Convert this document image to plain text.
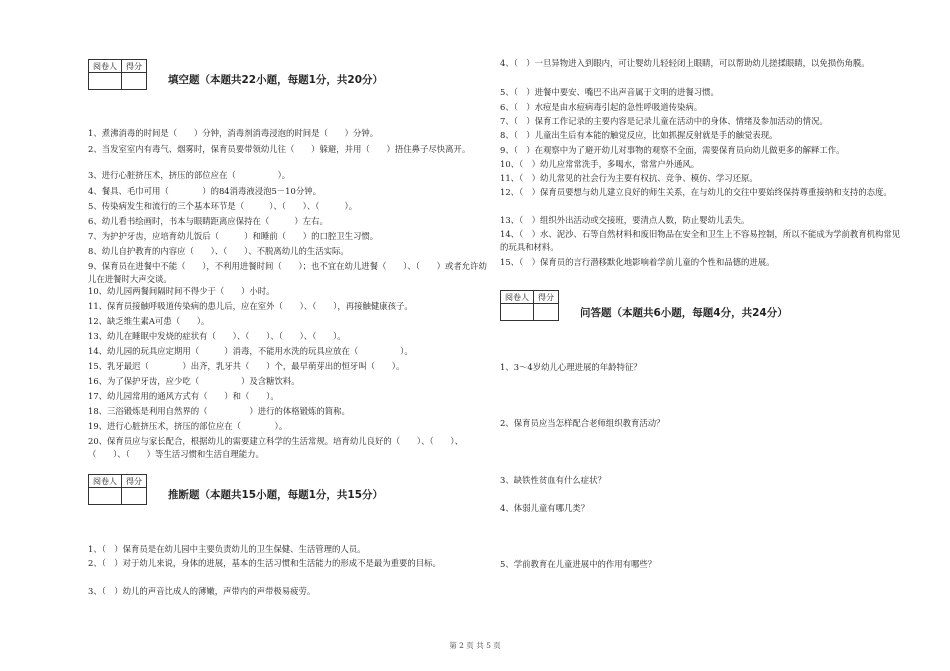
阅卷人	得分

填空题（本题共22小题，每题1分，共20分）
1、煮沸消毒的时间是（　　）分钟，消毒剂消毒浸泡的时间是（　　）分钟。
2、当发室室内有毒气、烟雾时，保育员要带领幼儿往（　　）躲避，并用（　　）捂住鼻子尽快离开。
3、进行心脏挤压术，挤压的部位应在（　　　　　）。
4、餐具、毛巾可用（　　　　）的84消毒液浸泡5－10分钟。
5、传染病发生和流行的三个基本环节是（　　　）、（　　）、（　　　）。
6、幼儿看书绘画时，书本与眼睛距离应保持在（　　　）左右。
7、为护护牙齿，应培育幼儿饭后（　　　）和睡前（　　）的口腔卫生习惯。
8、幼儿自护教育的内容应（　　）、（　　）、不脱离幼儿的生活实际。
9、保育员在进餐中不能（　　），不利用进餐时间（　　）；也不宜在幼儿进餐（　　）、（　　）或者允许幼儿在进餐时大声交谈。
10、幼儿园两餐间隔时间不得少于（　　）小时。
11、保育员接触呼吸道传染病的患儿后，应在室外（　　）、（　　），再接触健康孩子。
12、缺乏维生素A可患（　　）。
13、幼儿在睡眠中发烧的症状有（　　）、（　　）、（　　）、（　　）。
14、幼儿园的玩具应定期用（　　　）消毒，不能用水洗的玩具应放在（　　　　　）。
15、乳牙最迟（　　　　）出齐，乳牙共（　　）个，最早萌芽出的恒牙叫（　　）。
16、为了保护牙齿，应少吃（　　　　　）及含糖饮料。
17、幼儿园常用的通风方式有（　　）和（　　）。
18、三浴锻炼是利用自然界的（　　　　　）进行的体格锻炼的简称。
19、进行心脏挤压术，挤压的部位应在（　　　　）。
20、保育员应与家长配合，根据幼儿的需要建立科学的生活常规。培育幼儿良好的（　　）、（　　）、（　　）、（　　）等生活习惯和生活自理能力。
阅卷人	得分

推断题（本题共15小题，每题1分，共15分）
1、（　）保育员是在幼儿园中主要负责幼儿的卫生保健、生活管理的人员。
2、（　）对于幼儿来说，身体的进展，基本的生活习惯和生活能力的形成不是最为重要的目标。
3、（　）幼儿的声音比成人的薄嫩，声带内的声带极易疲劳。
4、（　）一旦异物进入到眼内，可让婴幼儿轻轻闭上眼睛，可以帮助幼儿搓揉眼睛，以免损伤角膜。
5、（　）进餐中要安、嘴巴不出声音属于文明的进餐习惯。
6、（　）水痘是由水痘病毒引起的急性呼吸道传染病。
7、（　）保育工作记录的主要内容是记录儿童在活动中的身体、情绪及参加活动的情况。
8、（　）儿童出生后有本能的触觉反应，比如抓握反射就是手的触觉表现。
9、（　）在观察中为了避开幼儿对事物的观察不全面，需要保育员向幼儿做更多的解释工作。
10、（　）幼儿应常常洗手，多喝水，常常户外通风。
11、（　）幼儿常见的社会行为主要有权抗、竞争、模仿、学习还原。
12、（　）保育员要想与幼儿建立良好的师生关系，在与幼儿的交往中要始终保持尊重接纳和支持的态度。
13、（　）组织外出活动或交接班，要清点人数，防止婴幼儿丢失。
14、（　）水、泥沙、石等自然材料和废旧物品在安全和卫生上不容易控制，所以不能成为学前教育机构常见的玩具和材料。
15、（　）保育员的言行潜移默化地影响着学前儿童的个性和品德的进展。
阅卷人	得分

问答题（本题共6小题，每题4分，共24分）
1、3～4岁幼儿心理进展的年龄特征？
2、保育员应当怎样配合老师组织教育活动？
3、缺铁性贫血有什么症状？
4、体弱儿童有哪几类？
5、学前教育在儿童进展中的作用有哪些？
第 2 页 共 5 页
